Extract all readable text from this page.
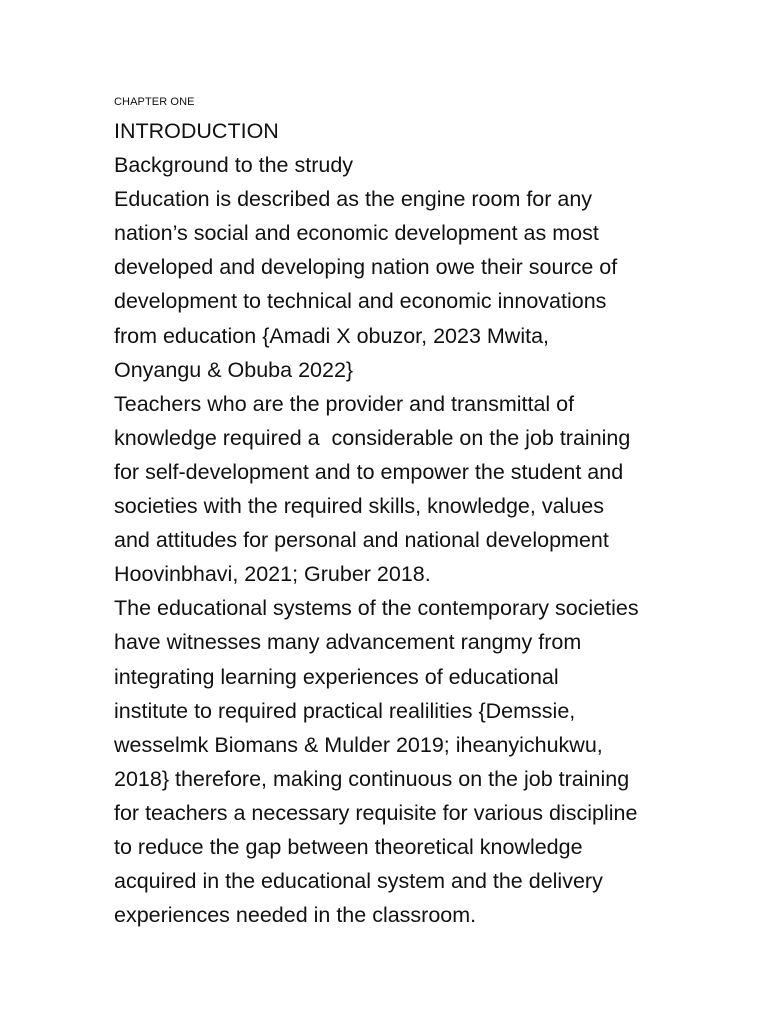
CHAPTER ONE
INTRODUCTION
Background to the strudy
Education is described as the engine room for any
nation’s social and economic development as most
developed and developing nation owe their source of
development to technical and economic innovations
from education {Amadi X obuzor, 2023 Mwita,
Onyangu & Obuba 2022}
Teachers who are the provider and transmittal of
knowledge required a  considerable on the job training
for self-development and to empower the student and
societies with the required skills, knowledge, values
and attitudes for personal and national development
Hoovinbhavi, 2021; Gruber 2018.
The educational systems of the contemporary societies
have witnesses many advancement rangmy from
integrating learning experiences of educational
institute to required practical realilities {Demssie,
wesselmk Biomans & Mulder 2019; iheanyichukwu,
2018} therefore, making continuous on the job training
for teachers a necessary requisite for various discipline
to reduce the gap between theoretical knowledge
acquired in the educational system and the delivery
experiences needed in the classroom.
